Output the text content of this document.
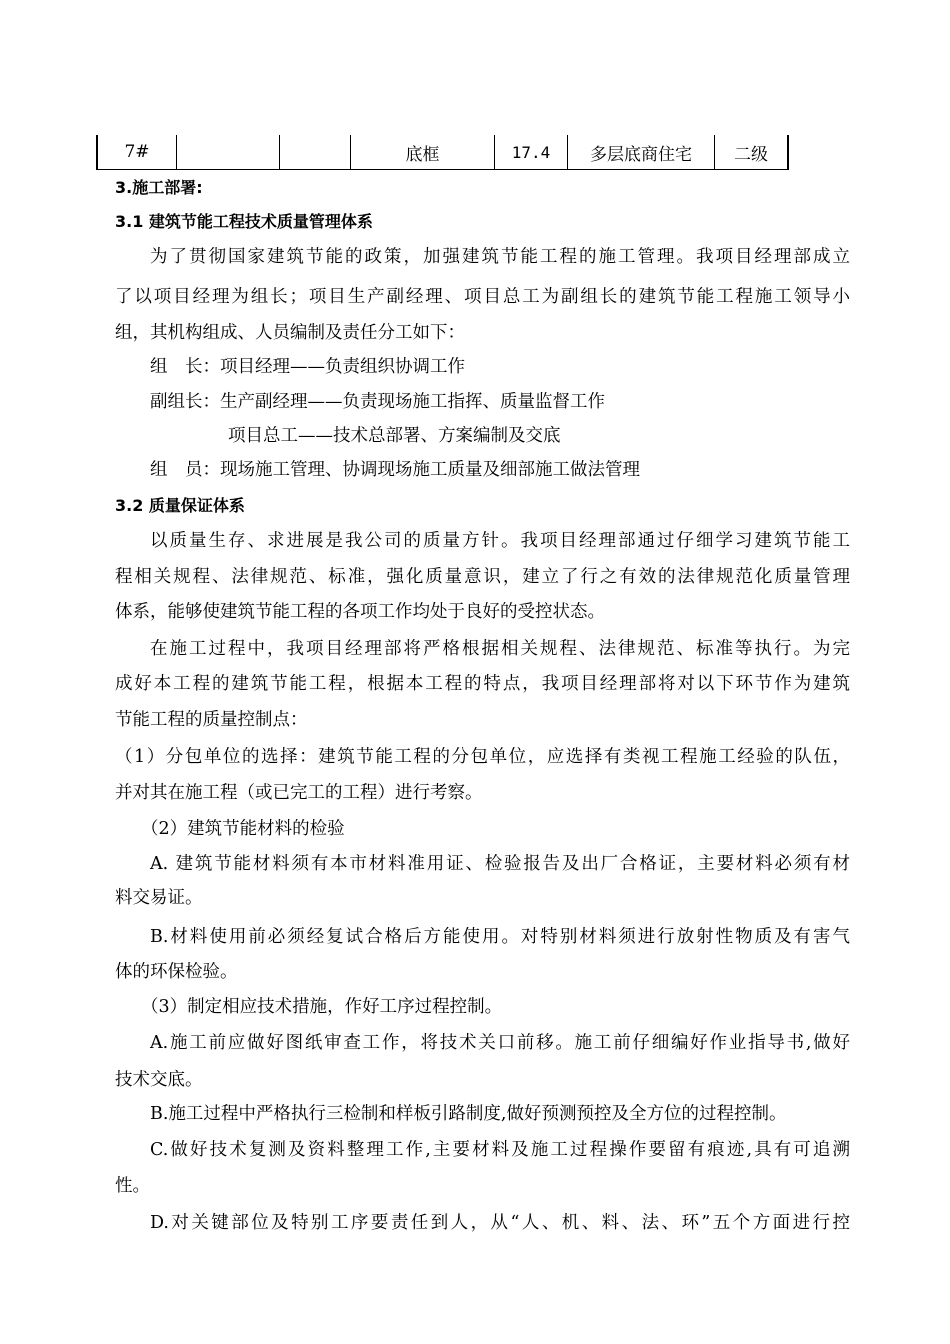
7#			底框	17.4	多层底商住宅	二级
3.施工部署:
3.1 建筑节能工程技术质量管理体系
为了贯彻国家建筑节能的政策，加强建筑节能工程的施工管理。我项目经理部成立
了以项目经理为组长；项目生产副经理、项目总工为副组长的建筑节能工程施工领导小
组，其机构组成、人员编制及责任分工如下：
组　长：项目经理——负责组织协调工作
副组长：生产副经理——负责现场施工指挥、质量监督工作
项目总工——技术总部署、方案编制及交底
组　员：现场施工管理、协调现场施工质量及细部施工做法管理
3.2 质量保证体系
以质量生存、求进展是我公司的质量方针。我项目经理部通过仔细学习建筑节能工
程相关规程、法律规范、标准，强化质量意识，建立了行之有效的法律规范化质量管理
体系，能够使建筑节能工程的各项工作均处于良好的受控状态。
在施工过程中，我项目经理部将严格根据相关规程、法律规范、标准等执行。为完
成好本工程的建筑节能工程，根据本工程的特点，我项目经理部将对以下环节作为建筑
节能工程的质量控制点：
（1）分包单位的选择：建筑节能工程的分包单位，应选择有类视工程施工经验的队伍，
并对其在施工程（或已完工的工程）进行考察。
（2）建筑节能材料的检验
A. 建筑节能材料须有本市材料准用证、检验报告及出厂合格证，主要材料必须有材
料交易证。
B.材料使用前必须经复试合格后方能使用。对特别材料须进行放射性物质及有害气
体的环保检验。
（3）制定相应技术措施，作好工序过程控制。
A.施工前应做好图纸审查工作，将技术关口前移。施工前仔细编好作业指导书,做好
技术交底。
B.施工过程中严格执行三检制和样板引路制度,做好预测预控及全方位的过程控制。
C.做好技术复测及资料整理工作,主要材料及施工过程操作要留有痕迹,具有可追溯
性。
D.对关键部位及特别工序要责任到人，从“人、机、料、法、环”五个方面进行控
